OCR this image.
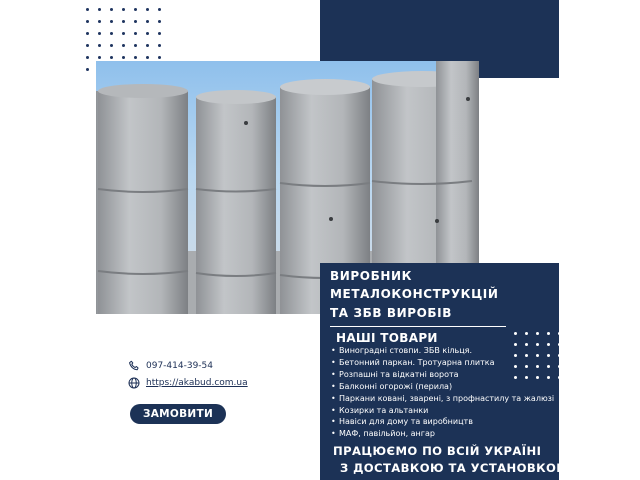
ВИРОБНИК
МЕТАЛОКОНСТРУКЦІЙ
ТА ЗБВ ВИРОБІВ
НАШІ ТОВАРИ
• Виноградні стовпи. ЗБВ кільця.
• Бетонний паркан. Тротуарна плитка
• Розпашні та відкатні ворота
• Балконні огорожі (перила)
• Паркани ковані, зварені, з профнастилу та жалюзі
• Козирки та альтанки
• Навіси для дому та виробництв
• МАФ, павільйон, ангар
ПРАЦЮЄМО ПО ВСІЙ УКРАЇНІ
З ДОСТАВКОЮ ТА УСТАНОВКОЮ
097-414-39-54
https://akabud.com.ua
ЗАМОВИТИ
